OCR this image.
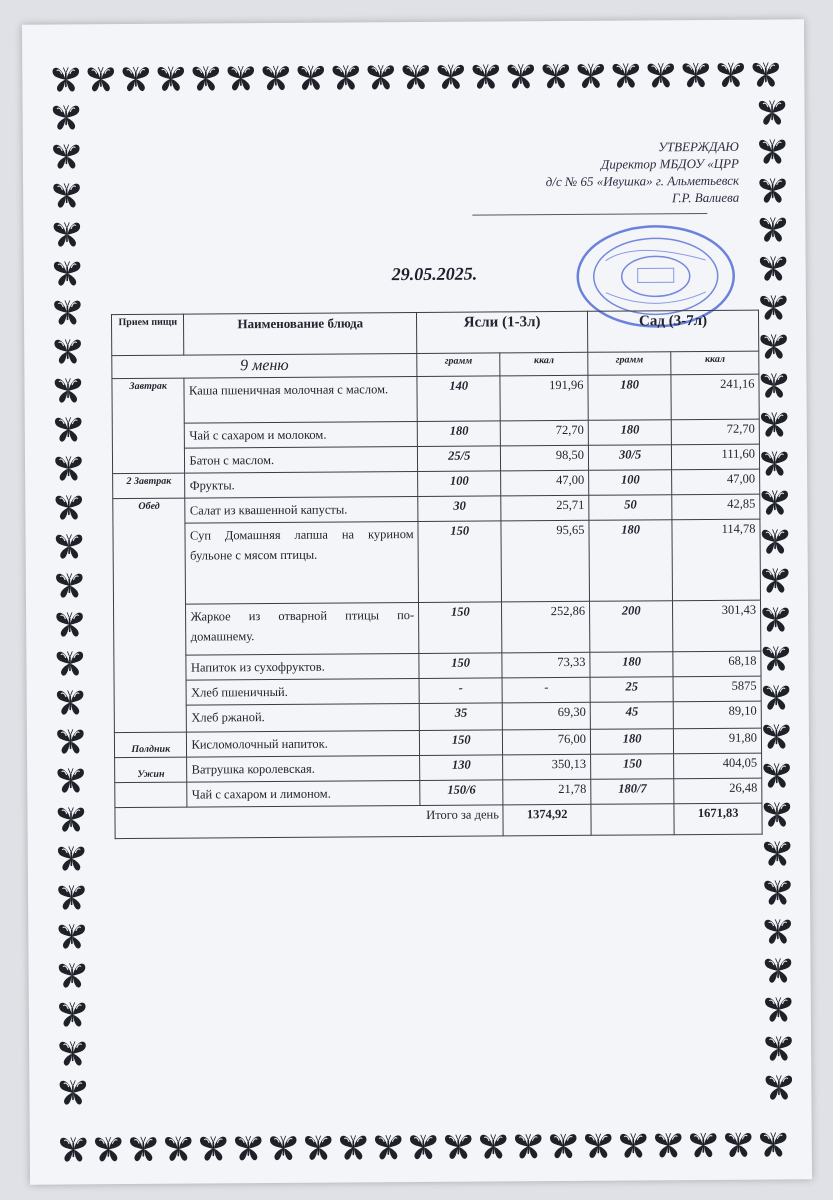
УТВЕРЖДАЮ
Директор МБДОУ «ЦРР
д/с № 65 «Ивушка» г. Альметьевск
Г.Р. Валиева
29.05.2025.
Прием пищи	Наименование блюда	Ясли (1-3л)		Сад (3-7л)	
9 меню		грамм	ккал	грамм	ккал
Завтрак	Каша пшеничная молочная с маслом.	140	191,96	180	241,16
	Чай с сахаром и молоком.	180	72,70	180	72,70
	Батон с маслом.	25/5	98,50	30/5	111,60
2 Завтрак	Фрукты.	100	47,00	100	47,00
Обед	Салат из квашенной капусты.	30	25,71	50	42,85
	Суп Домашняя лапша на курином бульоне с мясом птицы.	150	95,65	180	114,78
	Жаркое из отварной птицы по-домашнему.	150	252,86	200	301,43
	Напиток из сухофруктов.	150	73,33	180	68,18
	Хлеб пшеничный.	-	-	25	5875
	Хлеб ржаной.	35	69,30	45	89,10
Полдник	Кисломолочный напиток.	150	76,00	180	91,80
Ужин	Ватрушка королевская.	130	350,13	150	404,05
	Чай с сахаром и лимоном.	150/6	21,78	180/7	26,48
Итого за день			1374,92		1671,83
